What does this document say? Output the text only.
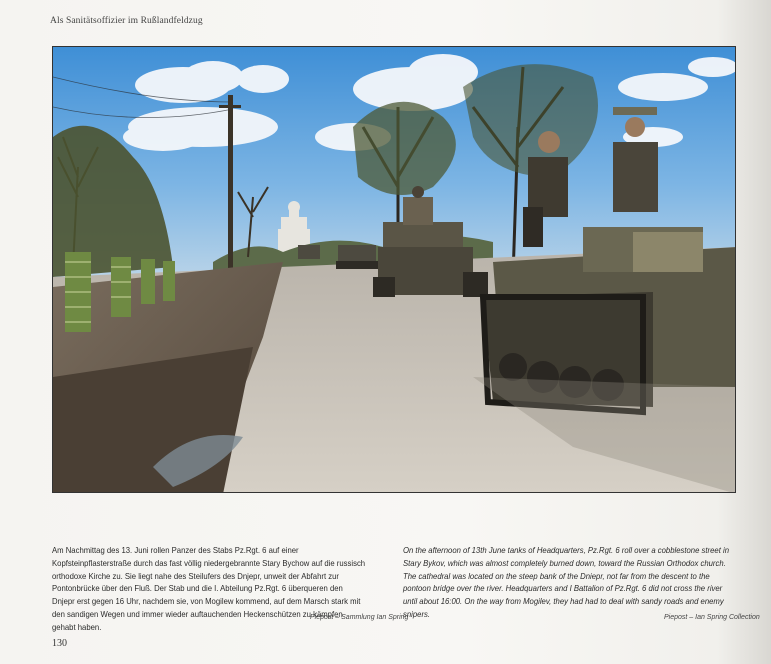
Als Sanitätsoffizier im Rußlandfeldzug
Am Nachmittag des 13. Juni rollen Panzer des Stabs Pz.Rgt. 6 auf einer Kopfsteinpflasterstraße durch das fast völlig niedergebrannte Stary Bychow auf die russisch orthodoxe Kirche zu. Sie liegt nahe des Steilufers des Dnjepr, unweit der Abfahrt zur Pontonbrücke über den Fluß. Der Stab und die I. Abteilung Pz.Rgt. 6 überqueren den Dnjepr erst gegen 16 Uhr, nachdem sie, von Mogilew kommend, auf dem Marsch stark mit den sandigen Wegen und immer wieder auftauchenden Heckenschützen zu kämpfen gehabt haben.
On the afternoon of 13th June tanks of Headquarters, Pz.Rgt. 6 roll over a cobblestone street in Stary Bykov, which was almost completely burned down, toward the Russian Orthodox church. The cathedral was located on the steep bank of the Dniepr, not far from the descent to the pontoon bridge over the river. Headquarters and I Battalion of Pz.Rgt. 6 did not cross the river until about 16:00. On the way from Mogilev, they had had to deal with sandy roads and enemy snipers.
Piepost – Sammlung Ian Spring	Piepost – Ian Spring Collection
130
